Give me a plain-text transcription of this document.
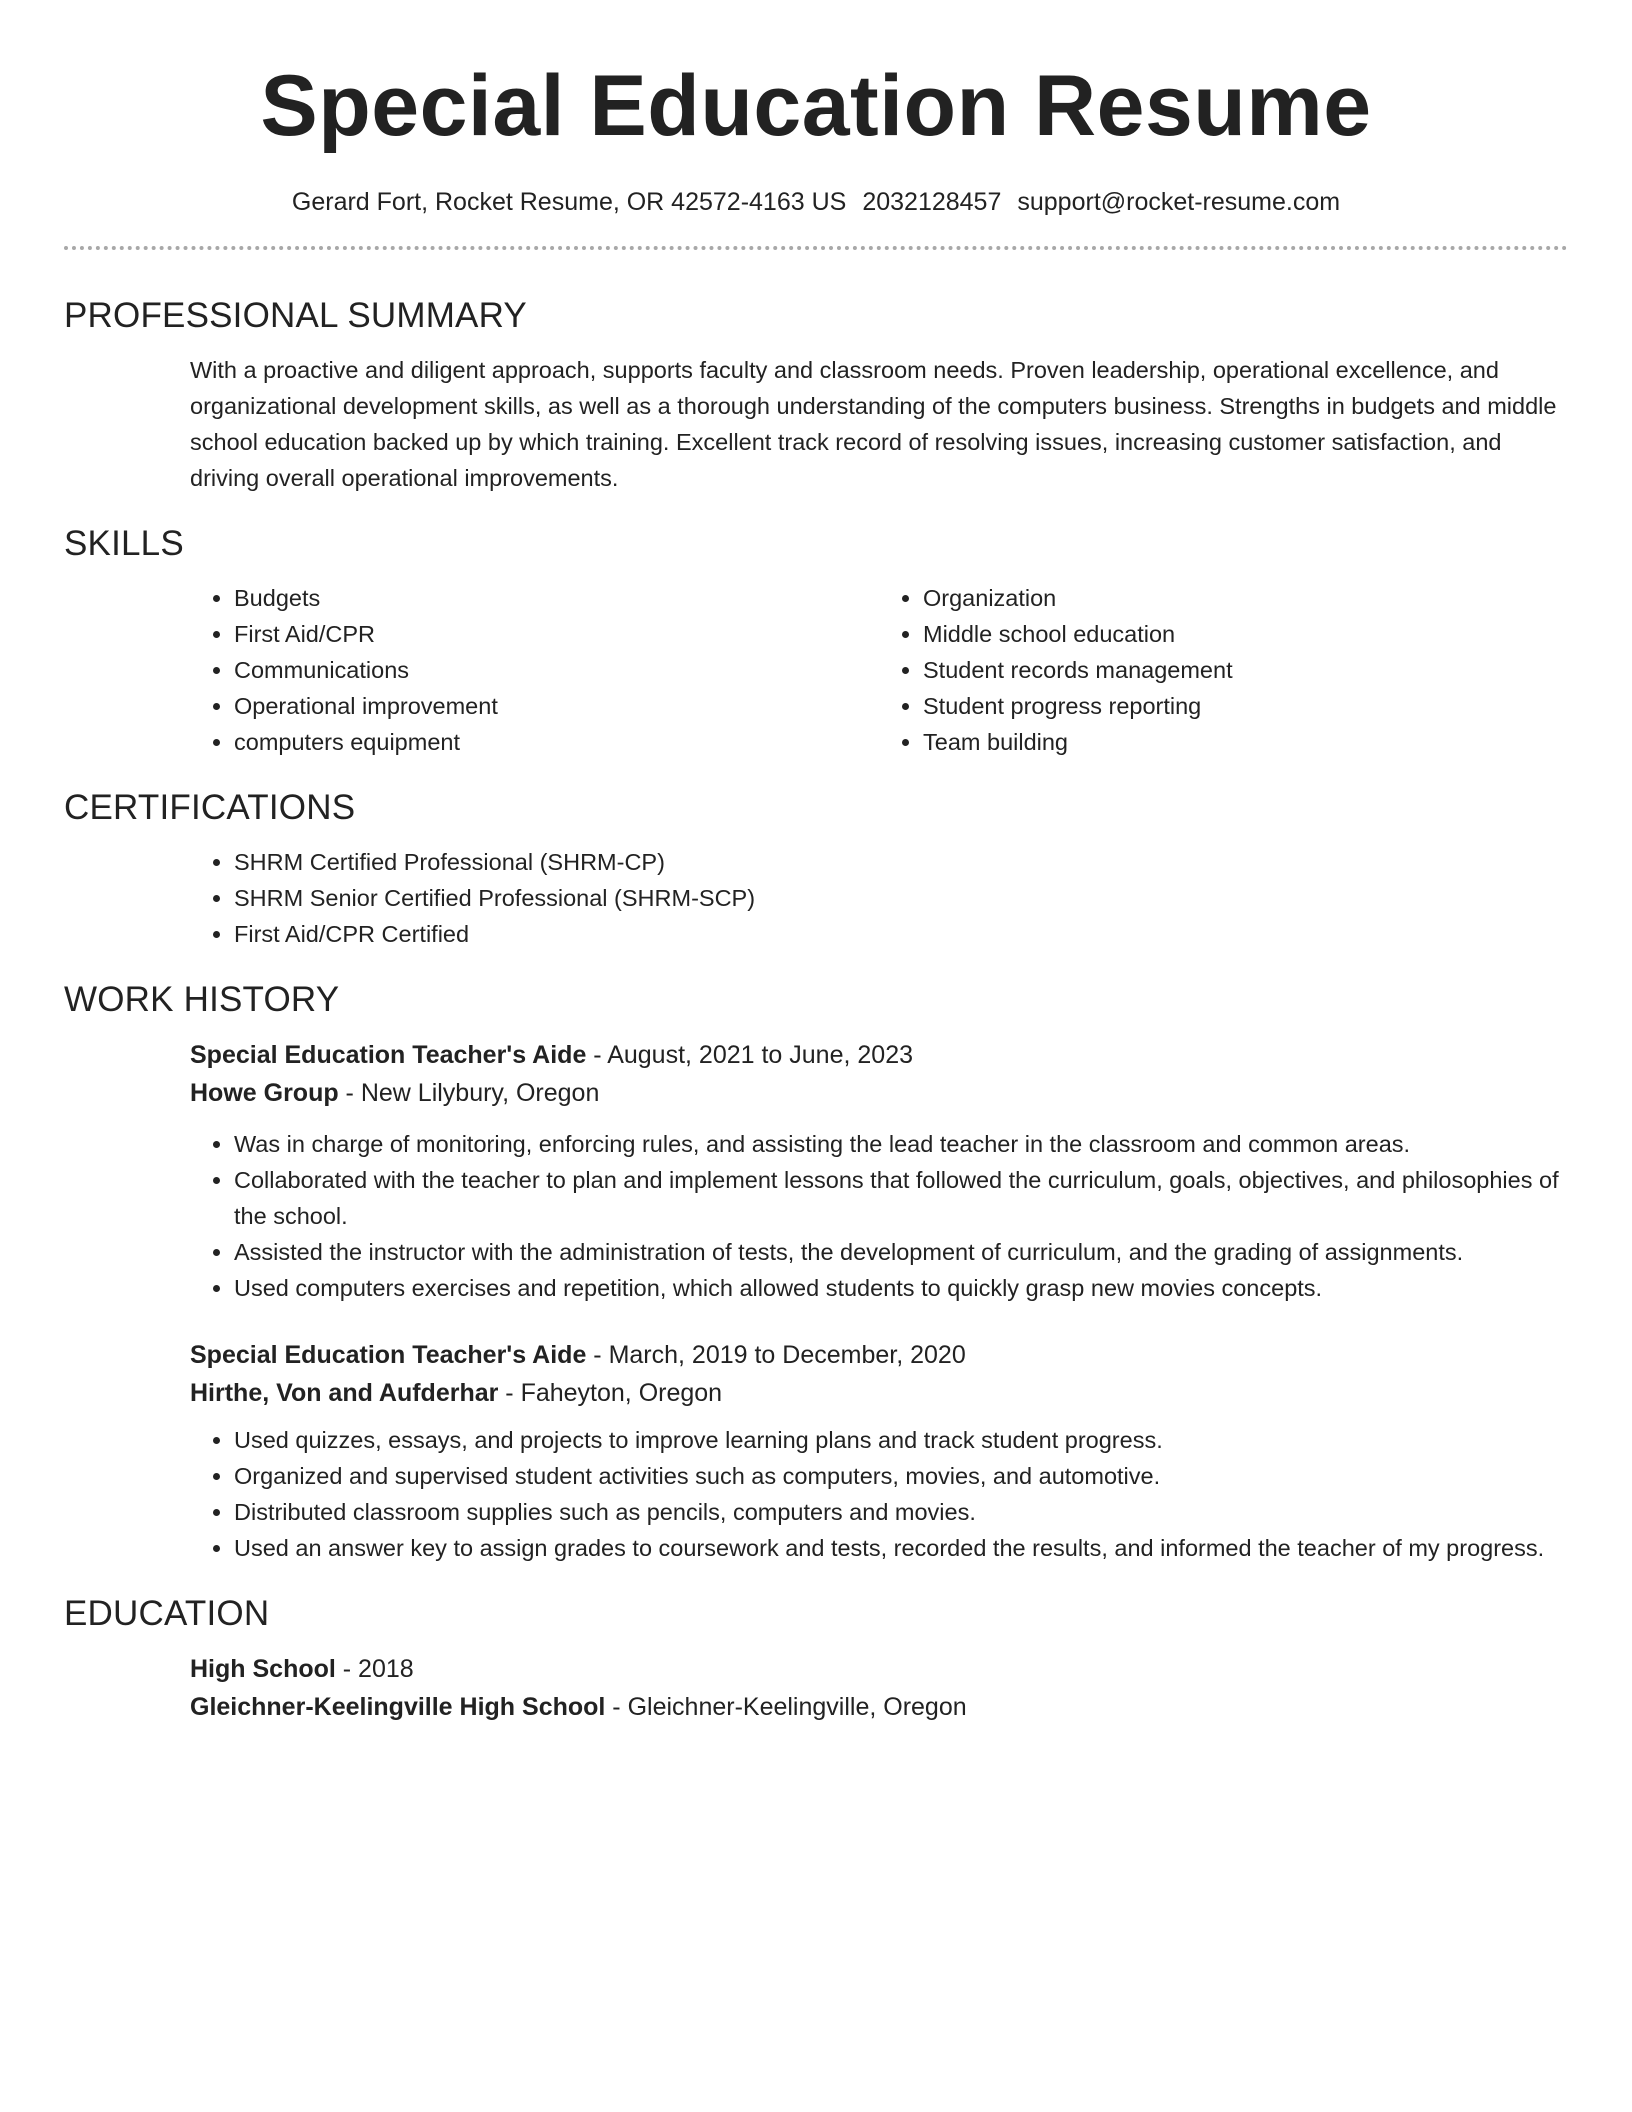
Special Education Resume
Gerard Fort, Rocket Resume, OR 42572-4163 US 2032128457 support@rocket-resume.com
PROFESSIONAL SUMMARY

With a proactive and diligent approach, supports faculty and classroom needs. Proven leadership, operational excellence, and organizational development skills, as well as a thorough understanding of the computers business. Strengths in budgets and middle school education backed up by which training. Excellent track record of resolving issues, increasing customer satisfaction, and driving overall operational improvements.

SKILLS
• Budgets
• First Aid/CPR
• Communications
• Operational improvement
• computers equipment
• Organization
• Middle school education
• Student records management
• Student progress reporting
• Team building
CERTIFICATIONS
• SHRM Certified Professional (SHRM-CP)
• SHRM Senior Certified Professional (SHRM-SCP)
• First Aid/CPR Certified
WORK HISTORY

Special Education Teacher's Aide - August, 2021 to June, 2023

Howe Group - New Lilybury, Oregon

• Was in charge of monitoring, enforcing rules, and assisting the lead teacher in the classroom and common areas.
• Collaborated with the teacher to plan and implement lessons that followed the curriculum, goals, objectives, and philosophies of the school.
• Assisted the instructor with the administration of tests, the development of curriculum, and the grading of assignments.
• Used computers exercises and repetition, which allowed students to quickly grasp new movies concepts.

Special Education Teacher's Aide - March, 2019 to December, 2020

Hirthe, Von and Aufderhar - Faheyton, Oregon

• Used quizzes, essays, and projects to improve learning plans and track student progress.
• Organized and supervised student activities such as computers, movies, and automotive.
• Distributed classroom supplies such as pencils, computers and movies.
• Used an answer key to assign grades to coursework and tests, recorded the results, and informed the teacher of my progress.
EDUCATION

High School - 2018

Gleichner-Keelingville High School - Gleichner-Keelingville, Oregon
